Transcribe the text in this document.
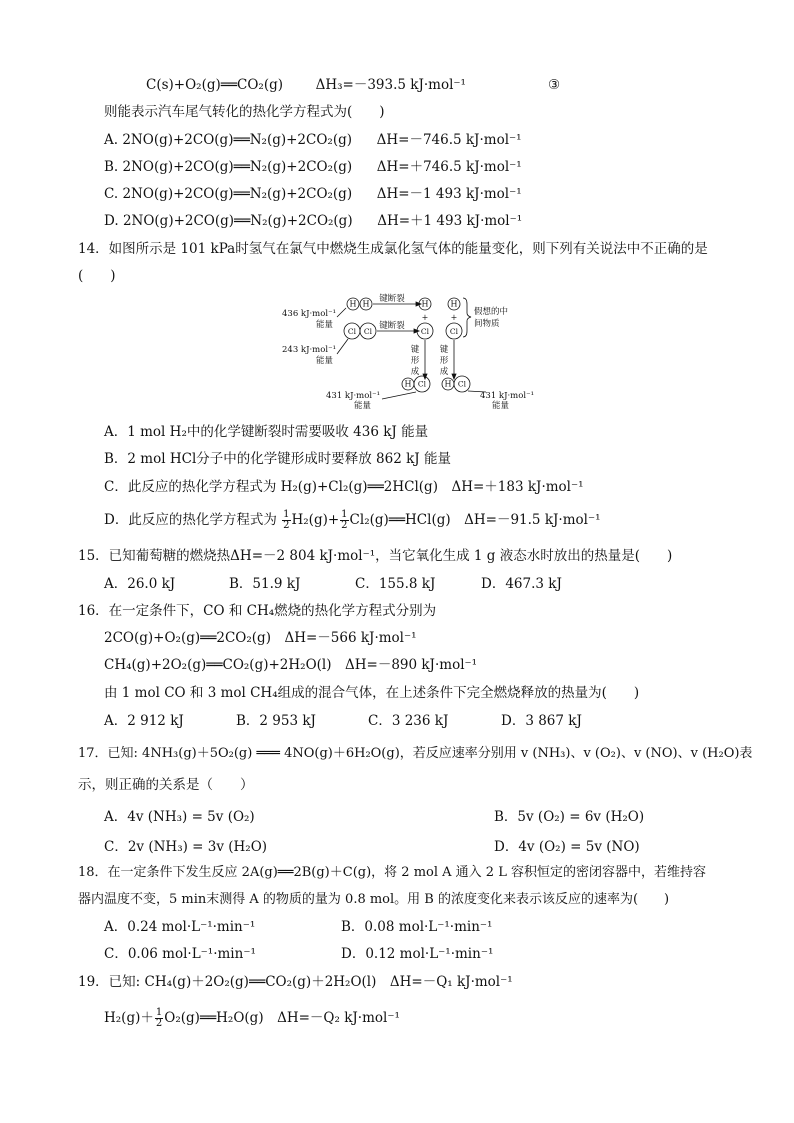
C(s)+O₂(g)══CO₂(g) ΔH₃=－393.5 kJ·mol⁻¹	③
则能表示汽车尾气转化的热化学方程式为(　　)
A. 2NO(g)+2CO(g)══N₂(g)+2CO₂(g) ΔH=－746.5 kJ·mol⁻¹
B. 2NO(g)+2CO(g)══N₂(g)+2CO₂(g) ΔH=＋746.5 kJ·mol⁻¹
C. 2NO(g)+2CO(g)══N₂(g)+2CO₂(g) ΔH=－1 493 kJ·mol⁻¹
D. 2NO(g)+2CO(g)══N₂(g)+2CO₂(g) ΔH=＋1 493 kJ·mol⁻¹
14．如图所示是 101 kPa时氢气在氯气中燃烧生成氯化氢气体的能量变化，则下列有关说法中不正确的是
(　　)
H H	H	H
Cl Cl	Cl	Cl
H Cl H Cl
+	+
键断裂
键断裂
假想的中
间物质
436 kJ·mol⁻¹
能量
243 kJ·mol⁻¹
能量
431 kJ·mol⁻¹
能量
431 kJ·mol⁻¹
能量
键
形
成
键
形
成
A．1 mol H₂中的化学键断裂时需要吸收 436 kJ 能量
B．2 mol HCl分子中的化学键形成时要释放 862 kJ 能量
C．此反应的热化学方程式为 H₂(g)+Cl₂(g)══2HCl(g)　ΔH=＋183 kJ·mol⁻¹
D．此反应的热化学方程式为 $\frac{1}{2} H_2(g)+ \frac{1}{2}$ Cl₂(g)══HCl(g)　ΔH=－91.5 kJ·mol⁻¹
15．已知葡萄糖的燃烧热ΔH=－2 804 kJ·mol⁻¹，当它氧化生成 1 g 液态水时放出的热量是(　　)
A．26.0 kJ	B．51.9 kJ	C．155.8 kJ	D．467.3 kJ
16．在一定条件下，CO 和 CH₄燃烧的热化学方程式分别为
2CO(g)+O₂(g)══2CO₂(g)　ΔH=－566 kJ·mol⁻¹
CH₄(g)+2O₂(g)══CO₂(g)+2H₂O(l)　ΔH=－890 kJ·mol⁻¹
由 1 mol CO 和 3 mol CH₄组成的混合气体，在上述条件下完全燃烧释放的热量为(　　)
A．2 912 kJ	B．2 953 kJ	C．3 236 kJ	D．3 867 kJ
17．已知: 4NH₃(g)＋5O₂(g) ═══ 4NO(g)＋6H₂O(g)，若反应速率分别用 v (NH₃)、v (O₂)、v (NO)、v (H₂O)表
示，则正确的关系是（　　）
A．4v (NH₃) = 5v (O₂)	B．5v (O₂) = 6v (H₂O)
C．2v (NH₃) = 3v (H₂O)	D．4v (O₂) = 5v (NO)
18．在一定条件下发生反应 2A(g)══2B(g)＋C(g)，将 2 mol A 通入 2 L 容积恒定的密闭容器中，若维持容
器内温度不变，5 min末测得 A 的物质的量为 0.8 mol。用 B 的浓度变化来表示该反应的速率为(　　)
A．0.24 mol·L⁻¹·min⁻¹	B．0.08 mol·L⁻¹·min⁻¹
C．0.06 mol·L⁻¹·min⁻¹	D．0.12 mol·L⁻¹·min⁻¹
19．已知: CH₄(g)＋2O₂(g)══CO₂(g)＋2H₂O(l)　ΔH=－Q₁ kJ·mol⁻¹
$H_2(g)+ \frac{1}{2}$ O₂(g)══H₂O(g)　ΔH=－Q₂ kJ·mol⁻¹
